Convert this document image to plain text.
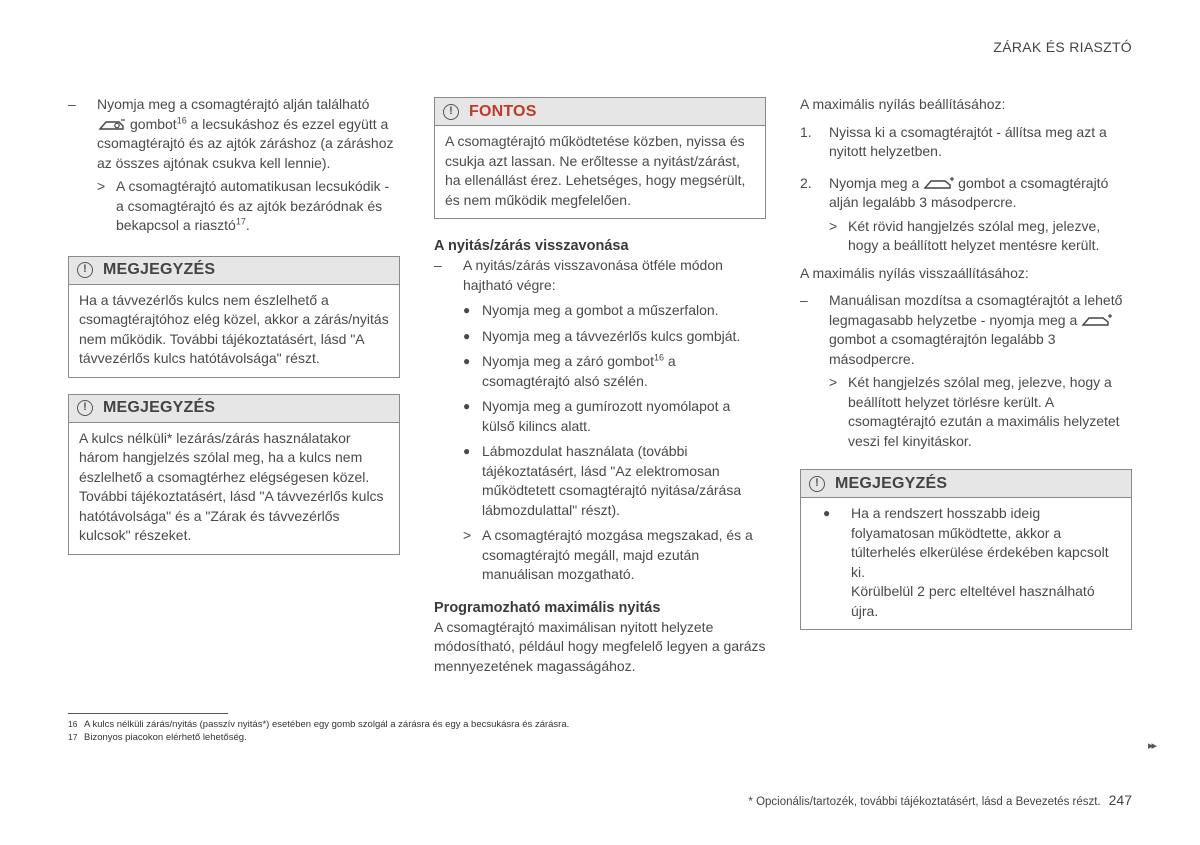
ZÁRAK ÉS RIASZTÓ
– Nyomja meg a csomagtérajtó alján található
gombot$^{16}$ a lecsukáshoz és ezzel együtt a csomagtérajtó és az ajtók záráshoz (a záráshoz az összes ajtónak csukva kell lennie).
> A csomagtérajtó automatikusan lecsukódik - a csomagtérajtó és az ajtók bezáródnak és bekapcsol a riasztó$^{17}$.
!	MEGJEGYZÉS
Ha a távvezérlős kulcs nem észlelhető a csomagtérajtóhoz elég közel, akkor a zárás/nyitás nem működik. További tájékoztatásért, lásd "A távvezérlős kulcs hatótávolsága" részt.
!	MEGJEGYZÉS
A kulcs nélküli* lezárás/zárás használatakor három hangjelzés szólal meg, ha a kulcs nem észlelhető a csomagtérhez elégségesen közel. További tájékoztatásért, lásd "A távvezérlős kulcs hatótávolsága" és a "Zárak és távvezérlős kulcsok" részeket.
!	FONTOS
A csomagtérajtó működtetése közben, nyissa és csukja azt lassan. Ne erőltesse a nyitást/zárást, ha ellenállást érez. Lehetséges, hogy megsérült, és nem működik megfelelően.
A nyitás/zárás visszavonása
– A nyitás/zárás visszavonása ötféle módon hajtható végre:
● Nyomja meg a gombot a műszerfalon.
● Nyomja meg a távvezérlős kulcs gombját.
● Nyomja meg a záró gombot$^{16}$ a csomagtérajtó alsó szélén.
● Nyomja meg a gumírozott nyomólapot a külső kilincs alatt.
● Lábmozdulat használata (további tájékoztatásért, lásd "Az elektromosan működtetett csomagtérajtó nyitása/zárása lábmozdulattal" részt).
> A csomagtérajtó mozgása megszakad, és a csomagtérajtó megáll, majd ezután manuálisan mozgatható.
Programozható maximális nyitás
A csomagtérajtó maximálisan nyitott helyzete módosítható, például hogy megfelelő legyen a garázs mennyezetének magasságához.
A maximális nyílás beállításához:
1. Nyissa ki a csomagtérajtót - állítsa meg azt a nyitott helyzetben.
2. Nyomja meg a	gombot a csomagtérajtó alján legalább 3 másodpercre.
> Két rövid hangjelzés szólal meg, jelezve, hogy a beállított helyzet mentésre került.
A maximális nyílás visszaállításához:
– Manuálisan mozdítsa a csomagtérajtót a lehető legmagasabb helyzetbe - nyomja meg a gombot a csomagtérajtón legalább 3 másodpercre.
> Két hangjelzés szólal meg, jelezve, hogy a beállított helyzet törlésre került. A csomagtérajtó ezután a maximális helyzetet veszi fel kinyitáskor.
!	MEGJEGYZÉS
● Ha a rendszert hosszabb ideig folyamatosan működtette, akkor a túlterhelés elkerülése érdekében kapcsolt ki.
Körülbelül 2 perc elteltével használható újra.
16 A kulcs nélküli zárás/nyitás (passzív nyitás*) esetében egy gomb szolgál a zárásra és egy a becsukásra és zárásra.
17 Bizonyos piacokon elérhető lehetőség.
▸▸
* Opcionális/tartozék, további tájékoztatásért, lásd a Bevezetés részt. 247
